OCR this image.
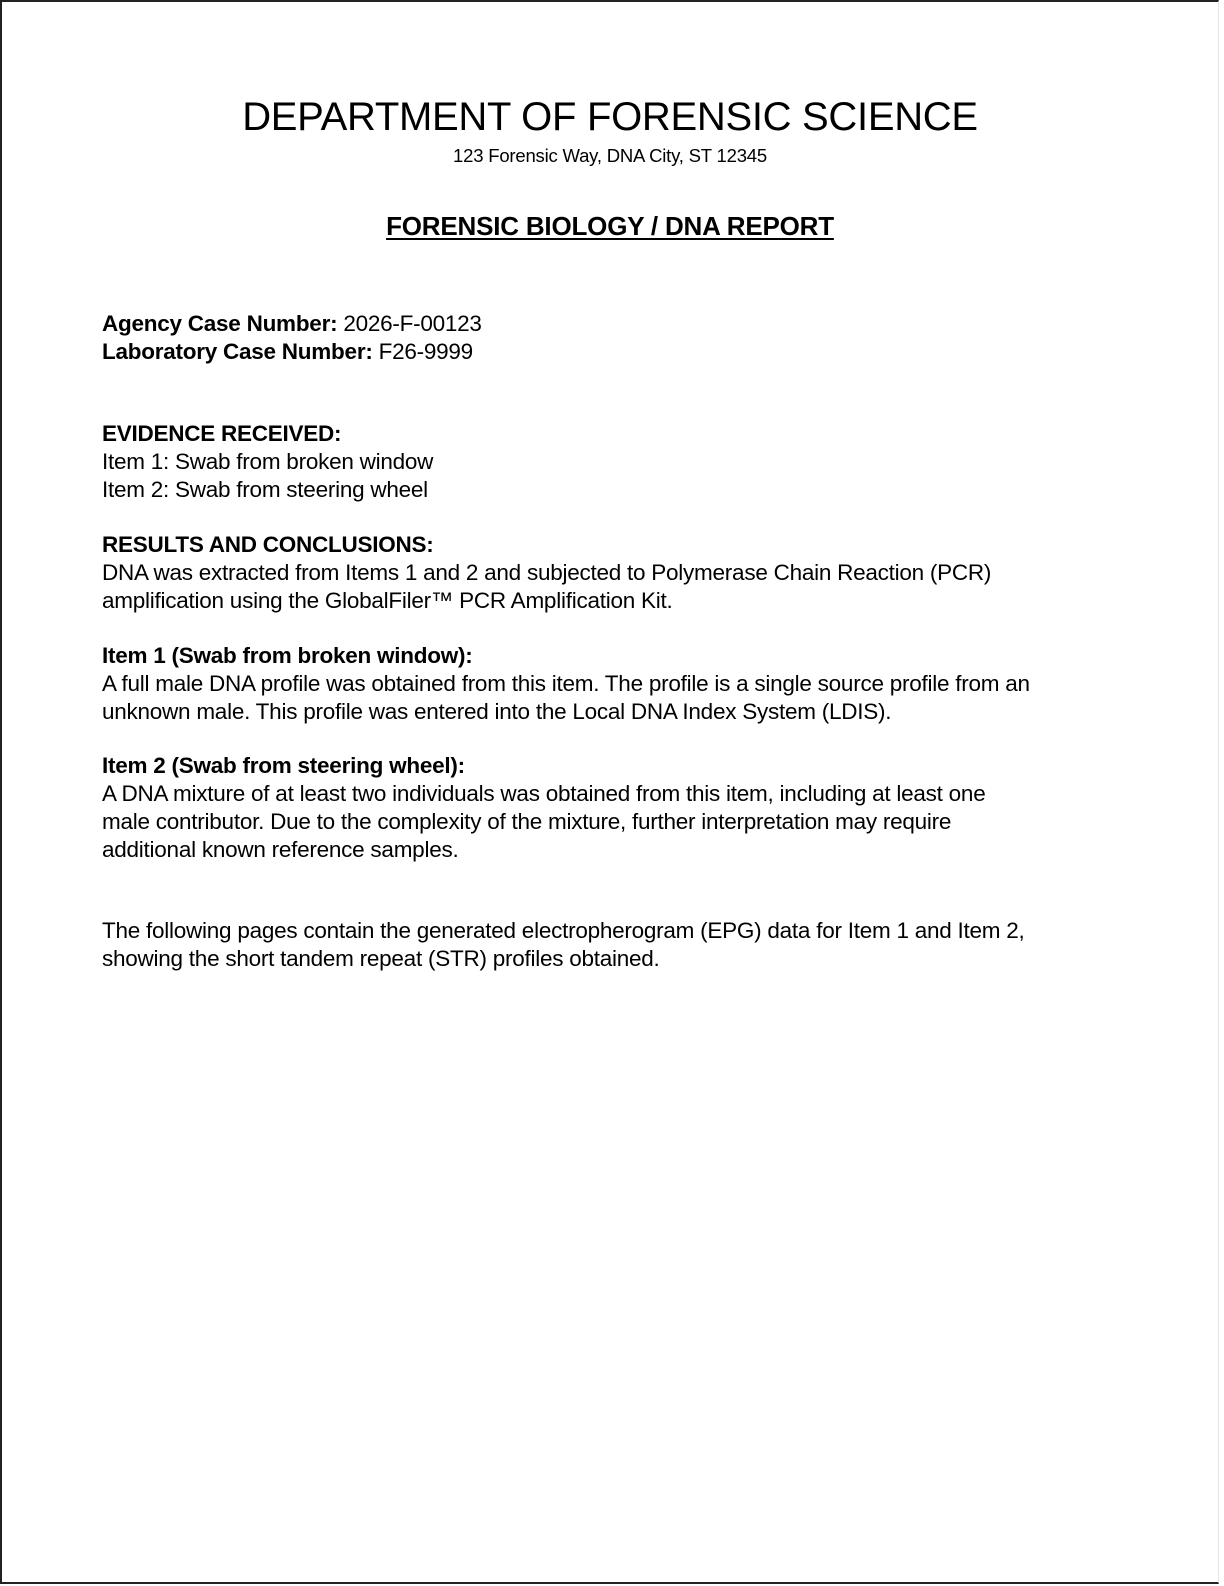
DEPARTMENT OF FORENSIC SCIENCE
123 Forensic Way, DNA City, ST 12345
FORENSIC BIOLOGY / DNA REPORT
Agency Case Number: 2026-F-00123
Laboratory Case Number: F26-9999
EVIDENCE RECEIVED:
Item 1: Swab from broken window
Item 2: Swab from steering wheel
RESULTS AND CONCLUSIONS:
DNA was extracted from Items 1 and 2 and subjected to Polymerase Chain Reaction (PCR)
amplification using the GlobalFiler™ PCR Amplification Kit.
Item 1 (Swab from broken window):
A full male DNA profile was obtained from this item. The profile is a single source profile from an
unknown male. This profile was entered into the Local DNA Index System (LDIS).
Item 2 (Swab from steering wheel):
A DNA mixture of at least two individuals was obtained from this item, including at least one
male contributor. Due to the complexity of the mixture, further interpretation may require
additional known reference samples.
The following pages contain the generated electropherogram (EPG) data for Item 1 and Item 2,
showing the short tandem repeat (STR) profiles obtained.
